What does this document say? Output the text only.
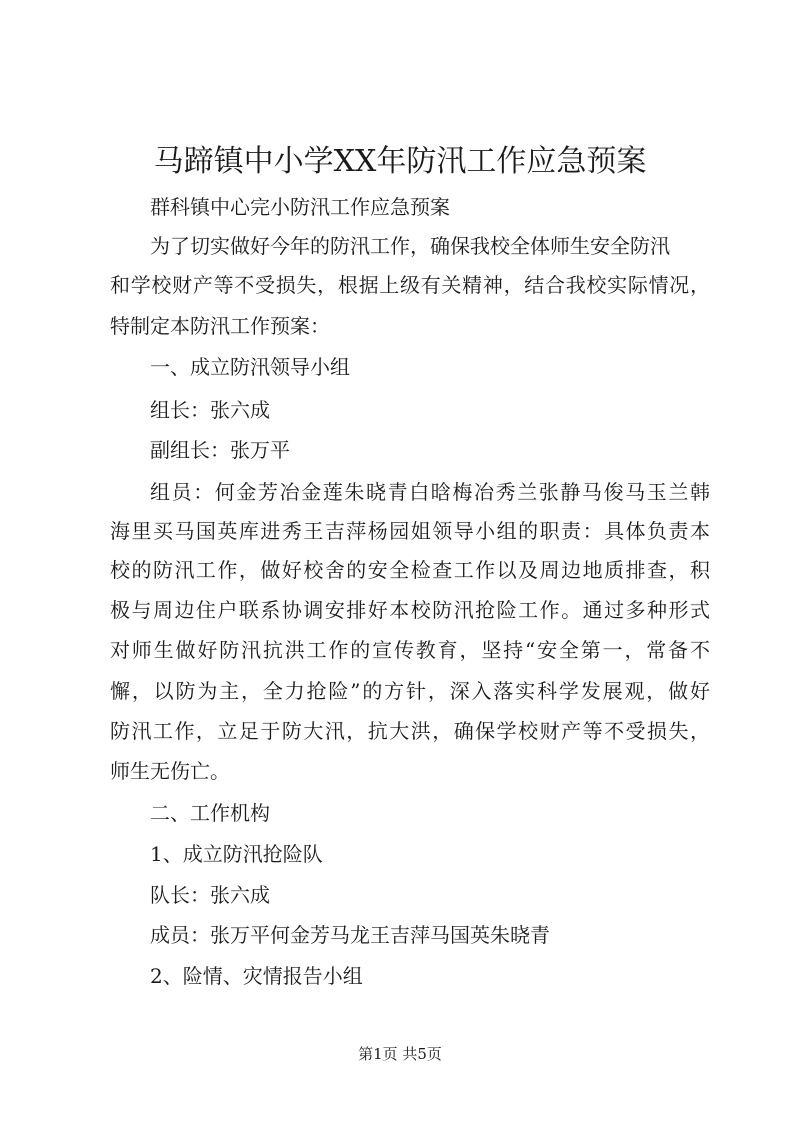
马蹄镇中小学XX年防汛工作应急预案
群科镇中心完小防汛工作应急预案
为了切实做好今年的防汛工作，确保我校全体师生安全防汛
和学校财产等不受损失，根据上级有关精神，结合我校实际情况，
特制定本防汛工作预案：
一、成立防汛领导小组
组长：张六成
副组长：张万平
组员：何金芳冶金莲朱晓青白晗梅冶秀兰张静马俊马玉兰韩
海里买马国英库进秀王吉萍杨园姐领导小组的职责：具体负责本
校的防汛工作，做好校舍的安全检查工作以及周边地质排查，积
极与周边住户联系协调安排好本校防汛抢险工作。通过多种形式
对师生做好防汛抗洪工作的宣传教育，坚持“安全第一，常备不
懈，以防为主，全力抢险”的方针，深入落实科学发展观，做好
防汛工作，立足于防大汛，抗大洪，确保学校财产等不受损失，
师生无伤亡。
二、工作机构
1、成立防汛抢险队
队长：张六成
成员：张万平何金芳马龙王吉萍马国英朱晓青
2、险情、灾情报告小组
第1页 共5页
